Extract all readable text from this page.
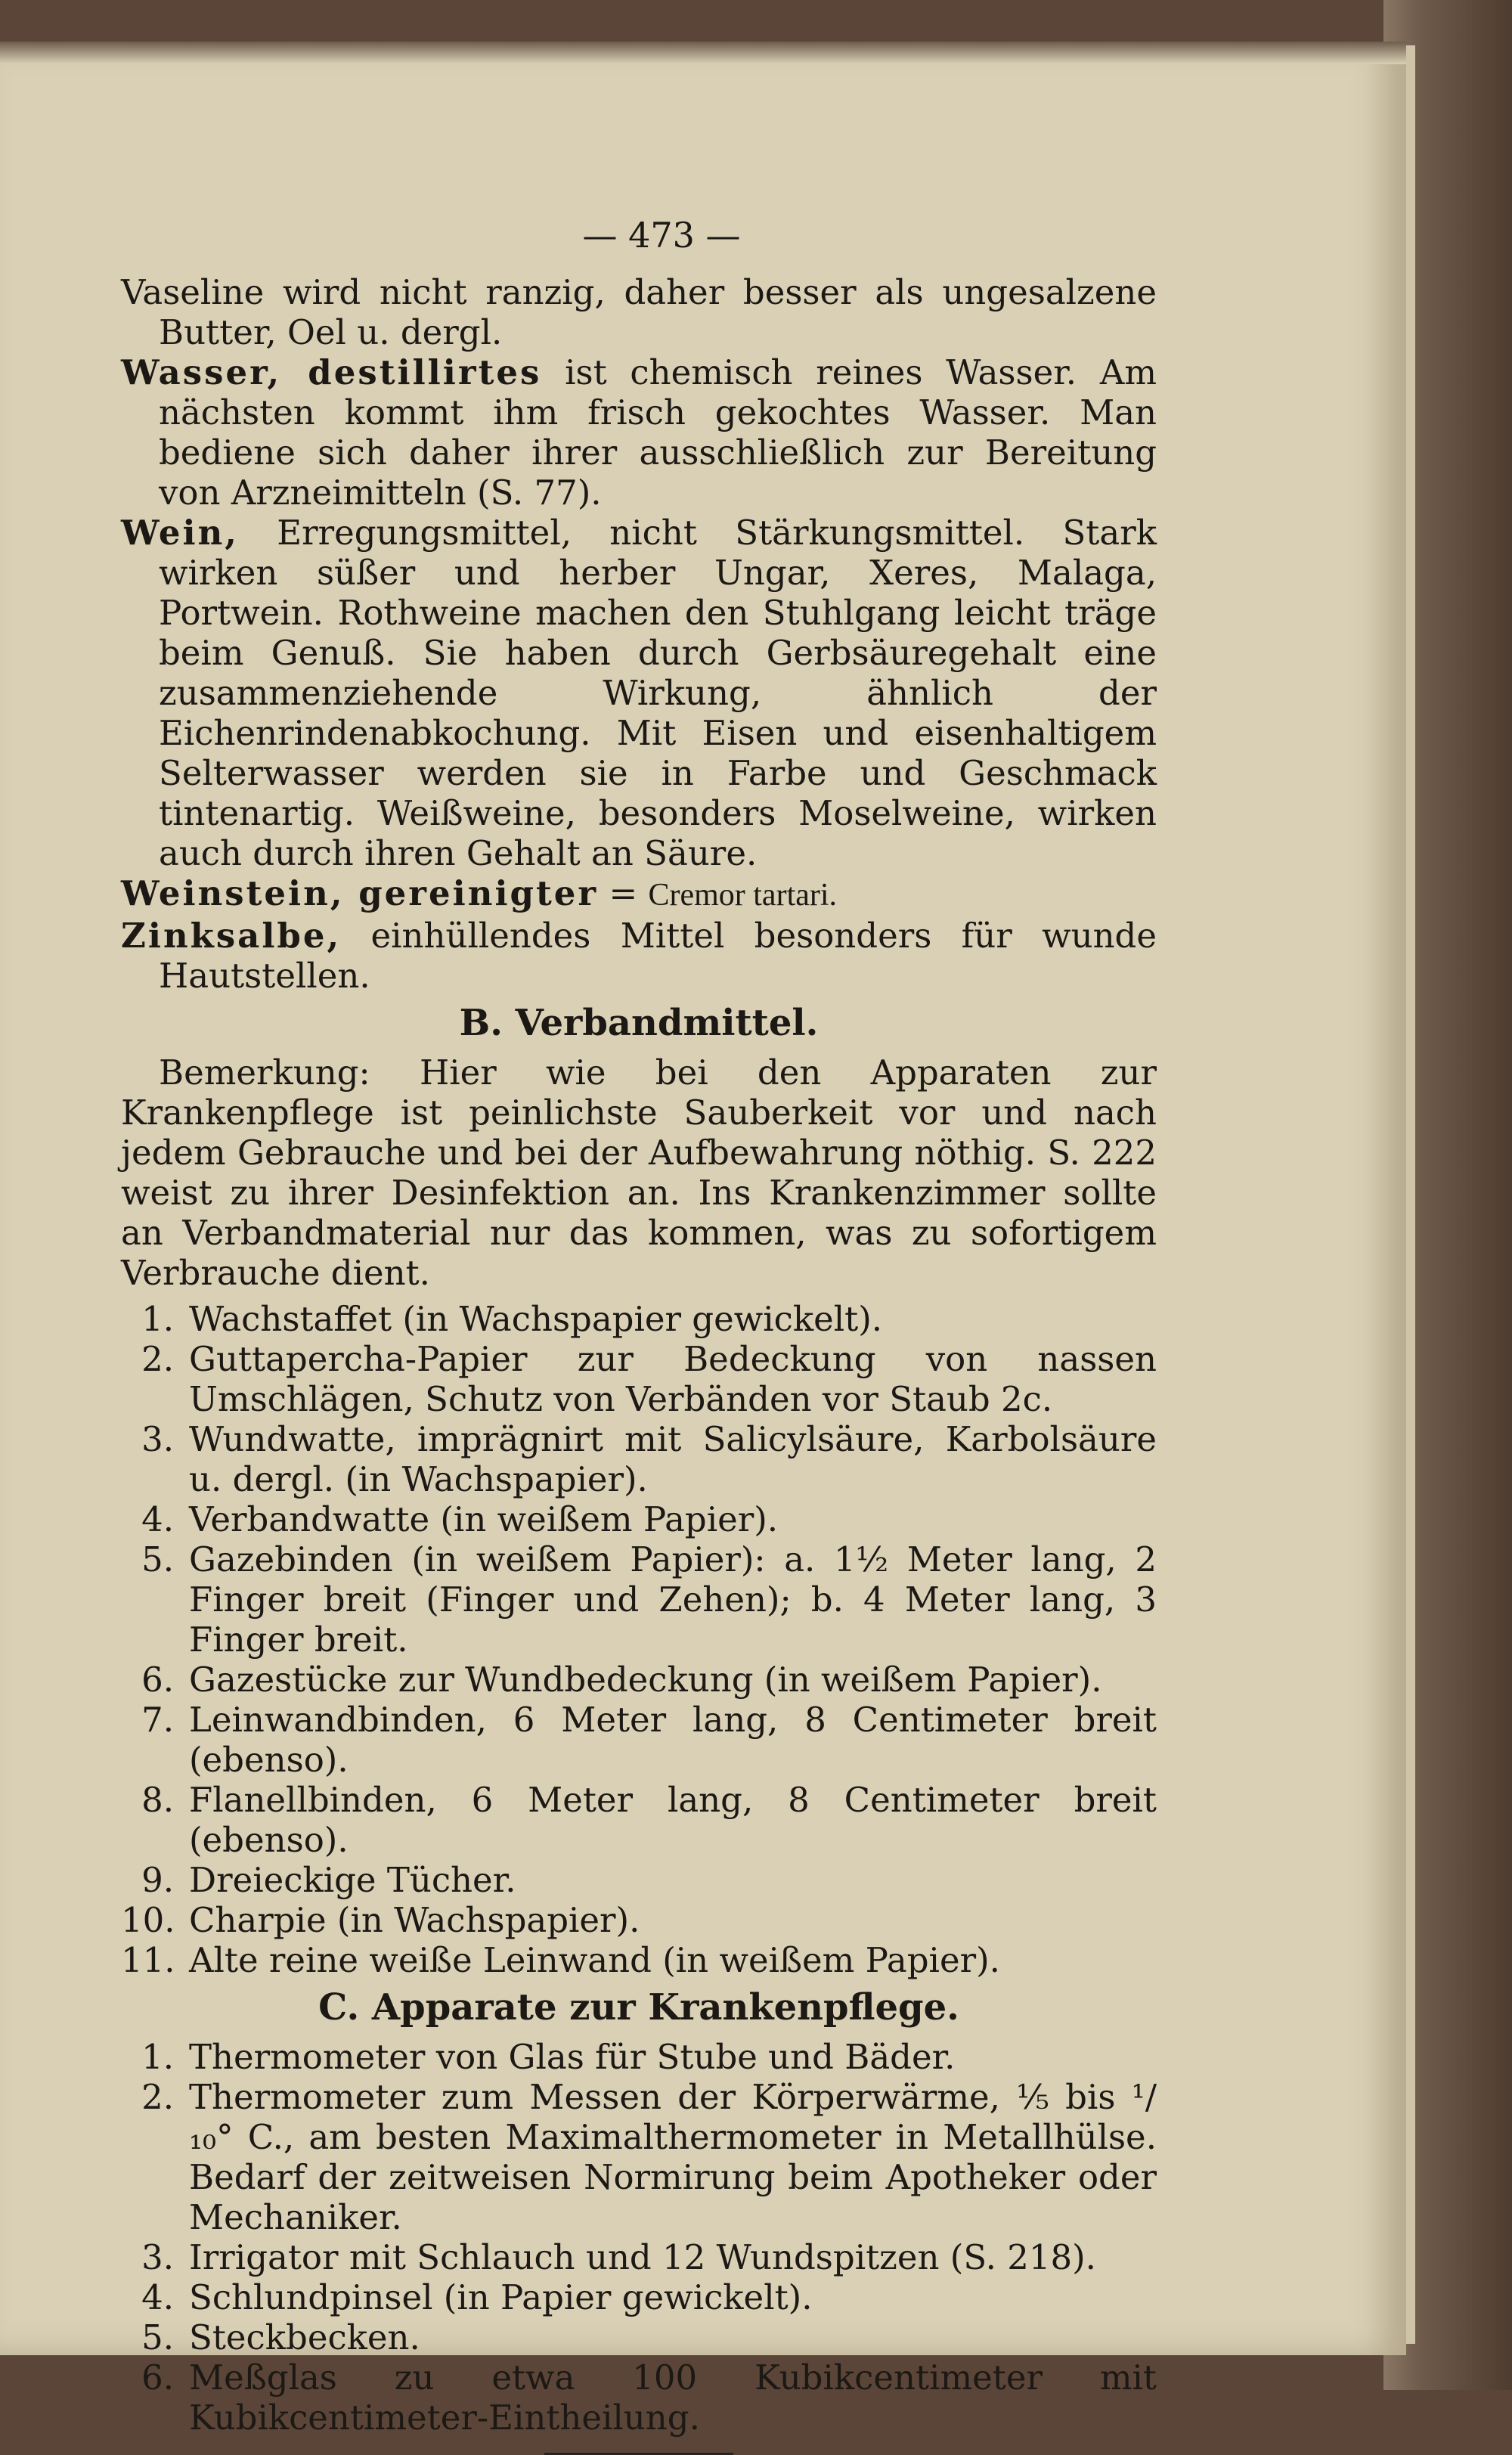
— 473 —

Vaseline wird nicht ranzig, daher besser als ungesalzene Butter, Oel u. dergl.

Wasser, destillirtes ist chemisch reines Wasser. Am nächsten kommt ihm frisch gekochtes Wasser. Man bediene sich daher ihrer ausschließlich zur Bereitung von Arzneimitteln (S. 77).

Wein, Erregungsmittel, nicht Stärkungsmittel. Stark wirken süßer und herber Ungar, Xeres, Malaga, Portwein. Rothweine machen den Stuhlgang leicht träge beim Genuß. Sie haben durch Gerbsäuregehalt eine zusammenziehende Wirkung, ähnlich der Eichenrindenabkochung. Mit Eisen und eisenhaltigem Selterwasser werden sie in Farbe und Geschmack tintenartig. Weißweine, besonders Moselweine, wirken auch durch ihren Gehalt an Säure.

Weinstein, gereinigter = Cremor tartari.

Zinksalbe, einhüllendes Mittel besonders für wunde Hautstellen.

B. Verbandmittel.

Bemerkung: Hier wie bei den Apparaten zur Krankenpflege ist peinlichste Sauberkeit vor und nach jedem Gebrauche und bei der Aufbewahrung nöthig. S. 222 weist zu ihrer Desinfektion an. Ins Krankenzimmer sollte an Verbandmaterial nur das kommen, was zu sofortigem Verbrauche dient.

1. Wachstaffet (in Wachspapier gewickelt).
2. Guttapercha-Papier zur Bedeckung von nassen Umschlägen, Schutz von Verbänden vor Staub 2c.
3. Wundwatte, imprägnirt mit Salicylsäure, Karbolsäure u. dergl. (in Wachspapier).
4. Verbandwatte (in weißem Papier).
5. Gazebinden (in weißem Papier): a. 1½ Meter lang, 2 Finger breit (Finger und Zehen); b. 4 Meter lang, 3 Finger breit.
6. Gazestücke zur Wundbedeckung (in weißem Papier).
7. Leinwandbinden, 6 Meter lang, 8 Centimeter breit (ebenso).
8. Flanellbinden, 6 Meter lang, 8 Centimeter breit (ebenso).
9. Dreieckige Tücher.
10. Charpie (in Wachspapier).
11. Alte reine weiße Leinwand (in weißem Papier).
C. Apparate zur Krankenpflege.
1. Thermometer von Glas für Stube und Bäder.
2. Thermometer zum Messen der Körperwärme, ⅕ bis ¹/₁₀° C., am besten Maximalthermometer in Metallhülse. Bedarf der zeitweisen Normirung beim Apotheker oder Mechaniker.
3. Irrigator mit Schlauch und 12 Wundspitzen (S. 218).
4. Schlundpinsel (in Papier gewickelt).
5. Steckbecken.
6. Meßglas zu etwa 100 Kubikcentimeter mit Kubikcentimeter-Eintheilung.
